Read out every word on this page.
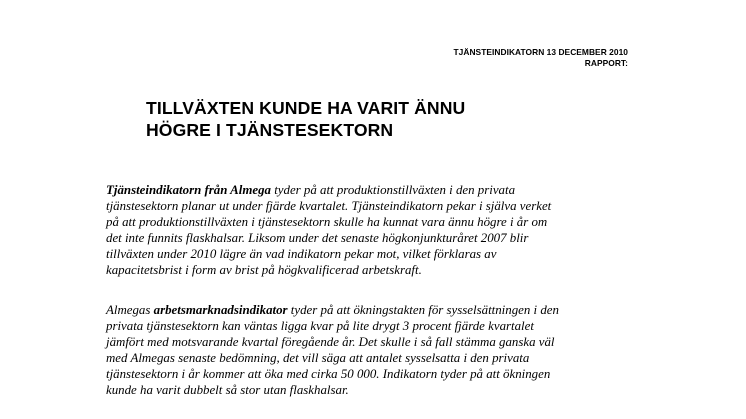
TJÄNSTEINDIKATORN 13 DECEMBER 2010
RAPPORT:
TILLVÄXTEN KUNDE HA VARIT ÄNNU
HÖGRE I TJÄNSTESEKTORN

Tjänsteindikatorn från Almega tyder på att produktionstillväxten i den privata
tjänstesektorn planar ut under fjärde kvartalet. Tjänsteindikatorn pekar i själva verket
på att produktionstillväxten i tjänstesektorn skulle ha kunnat vara ännu högre i år om
det inte funnits flaskhalsar. Liksom under det senaste högkonjunkturåret 2007 blir
tillväxten under 2010 lägre än vad indikatorn pekar mot, vilket förklaras av
kapacitetsbrist i form av brist på högkvalificerad arbetskraft.

Almegas arbetsmarknadsindikator tyder på att ökningstakten för sysselsättningen i den
privata tjänstesektorn kan väntas ligga kvar på lite drygt 3 procent fjärde kvartalet
jämfört med motsvarande kvartal föregående år. Det skulle i så fall stämma ganska väl
med Almegas senaste bedömning, det vill säga att antalet sysselsatta i den privata
tjänstesektorn i år kommer att öka med cirka 50 000. Indikatorn tyder på att ökningen
kunde ha varit dubbelt så stor utan flaskhalsar.
